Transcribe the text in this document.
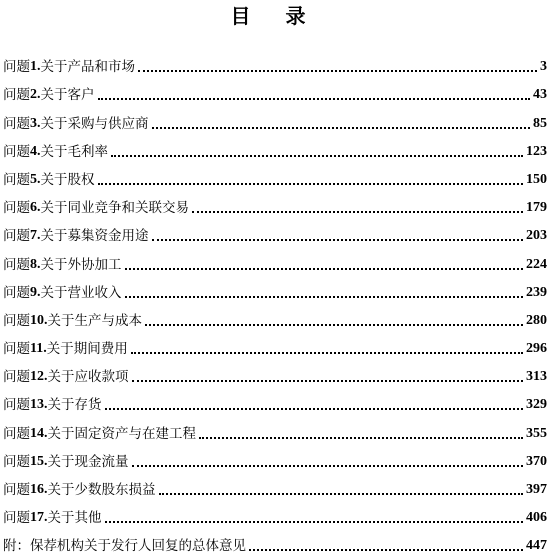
目 录
问题 1. 关于产品和市场	3
问题 2. 关于客户	43
问题 3. 关于采购与供应商	85
问题 4. 关于毛利率	123
问题 5. 关于股权	150
问题 6. 关于同业竞争和关联交易	179
问题 7. 关于募集资金用途	203
问题 8. 关于外协加工	224
问题 9. 关于营业收入	239
问题 10. 关于生产与成本	280
问题 11. 关于期间费用	296
问题 12. 关于应收款项	313
问题 13. 关于存货	329
问题 14. 关于固定资产与在建工程	355
问题 15. 关于现金流量	370
问题 16. 关于少数股东损益	397
问题 17. 关于其他	406
附： 保荐机构关于发行人回复的总体意见	447
